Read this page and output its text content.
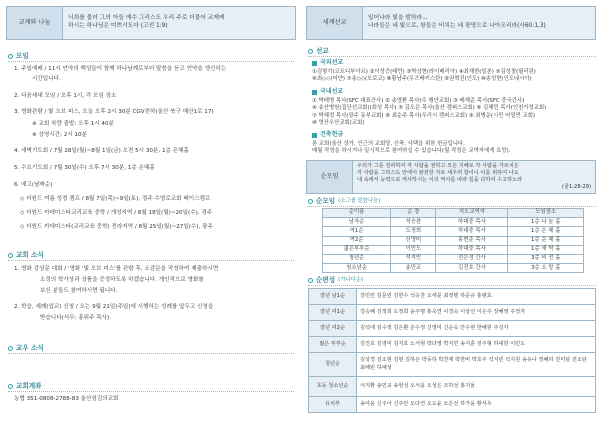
교제와 나눔
너희를 불러 그의 아들 예수 그리스도 우리 주로 더불어 교제케
하시는 하나님은 미쁘시도다 (고전 1:9)
모임
1. 주일예배 / 11시 언약의 백성들이 함께 하나님께로부터 말씀을 듣고 언약을 갱신하는
시간입니다.
2. 다음세대 모임 / 오후 1시, 각 모임 장소
3. 영화관람 / 빛 오브 피스, 오늘 오후 2시 30분 CGV전하(울산 북구 매산1로 17)
※ 교회 차량 출발: 오후 1시 40분
※ 상영시간: 2시 10분
4. 새벽기도회 / 7월 28일(월)~8월 1일(금) 오전 5시 30분, 1층 은혜홀
5. 수요기도회 / 7월 30일(수) 오후 7시 30분, 1층 은혜홀
6. 예고(날짜순)
◇ 더원드 여름 성경 캠프 / 8월 7일(목)~9일(토), 경주 수영로교회 베이스캠프
◇ 더원드 카데미스타교리교육 중학 / 개성지역 / 8월 18일(월)~20일(수), 경주
◇ 더원드 카데미스타(교리교육 중학) 전라지역 / 8월 25일(월)~27일(수), 광주
교회 소식
1. 영화 감상문 대회 / '영화 '빛 오브 피스'를 관람 후, 소감문을 작성하여 제출하시면
소정의 학가상과 상품을 증정하도록 하겠습니다. 개인적으로 영화를
보신 분들도 참여하시면 됩니다.
2. 학습, 세례(입교) 신청 / 오는 9월 21일(주일)에 시행하는 성례를 앞두고 신청을
받습니다(서무: 홍위주 목사).
교우 소식
교회계좌
농협 351-0808-2788-83 울산섬김의교회
세계선교
일어나라 빛을 발하라...
나라들은 네 빛으로, 왕들은 비치는 네 광명으로 나아오리라(사60:1,3)
선교
국외선교
①김형기(코트디부아르) ②이성증(태만) ③박상현(라이베리아) ④최재한(일본) ⑤김성철(필리핀)
⑥최◇◇(미얀) ⑦송◇◇(모로코) ⑧황남주(우즈베키스탄) ⑨권혁진(인도) ⑩송성현(인도네시아)
국내선교
① 박태명 목사(SFC 대표간사) ② 송영환 목사(수 행안교회) ③ 배재준 목사(SFC 중국간사)
④ 송산병원(집단선교회)(회성 목사) ⑤ 김도은 목사(울산 캠퍼스교회) ⑥ 김혜민 목사(인천가정교회)
⑦ 박혜정 목사(광주 동부교회) ⑧ 최순주 목사(우리시 캠퍼스교회) ⑨ 최병운(시민 어얼먼 교회)
⑩ 영산우산교회(교회)
건축헌금
본 교회(울산 상가, 인근의 교회당, 신축, 사택을 위한 헌금입니다.
매월 작정을 하시거나 일시적으로 참여하실 수 있습니다(월 작정은 교역자에게 요망).
순모임
우리가 그를 전파하여 각 사람을 권하고 모든 지혜로 각 사람을 가르치은
각 사람을 그리스도 안에서 완전한 자로 세우려 함이니 이를 위하여 나도
내 속에서 능력으로 역사하시는 이의 역사를 따라 힘을 다하여 수고하노라
(골1:28-29)
순모임 (소그룹 말씀나눔)
순이름	순 장	지도교역자	모임장소
남자순	석승찬	하대중 목사	1층 나 눔 홀
여1순	도정희	하대중 목사	1층 은 혜 홀
여2순	신영미	홍현준 목사	1층 순 혜 홀
젊은부부순	이민도	하대중 목사	1층 새 싹 홀
청년순	석지빈	전은정 간사	3층 비 전 홀
청소년순	송민교	김전호 간사	3층 소 망 홀
순편성 (가나다순)
장년 남1순	강민빈 김문빈 김한수 석승찬 오세문 최정병 하준규 홍웬효
장년 여1순	강승혜 김정희 도정희 윤주명 홍옥연 이경숙 이상선 이은주 장혜영 주정자
장년 여2순	김석애 김수정 김은환 손수정 신영미 신순옥 안수현 한혜원 주성자
젊은 부부순	김진호 김영미 김지호 노서현 박다영 박지민 송지훈 전주형 하대한 이민도
청년순	김상경 김소현 김현 김하은 박동하 박찬재 박한비 박호주 석지빈 석지원 송유나 정혜라 전미담 전소담 최해빈 하예성
초등 청소년순	서지환 송민교 송현성 오서윤 오성은 조하성 홍지율
유치부	송아윤 신주아 신주안 오다연 오도윤 오은선 하가윤 황서우
